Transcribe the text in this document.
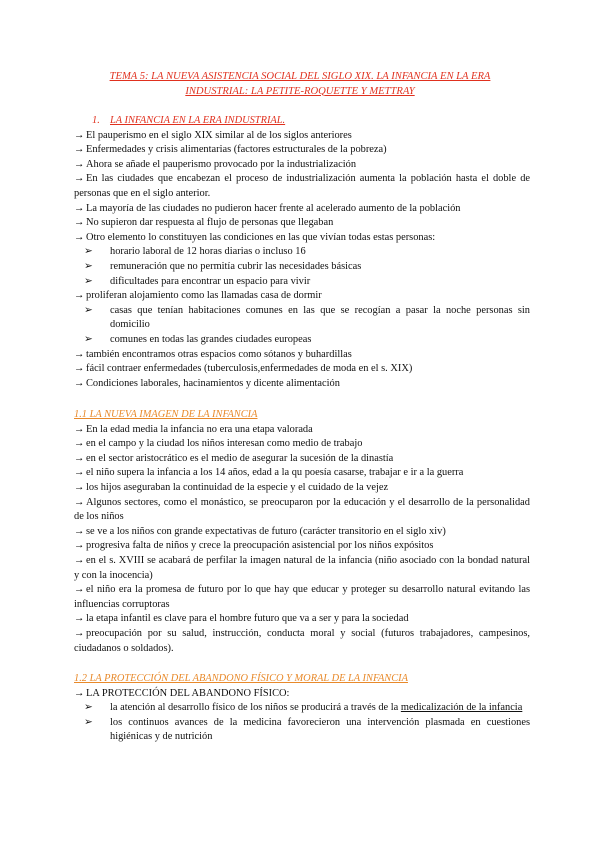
TEMA 5: LA NUEVA ASISTENCIA SOCIAL DEL SIGLO XIX. LA INFANCIA EN LA ERA
INDUSTRIAL: LA PETITE-ROQUETTE Y METTRAY
1. LA INFANCIA EN LA ERA INDUSTRIAL.
→ El pauperismo en el siglo XIX similar al de los siglos anteriores
→ Enfermedades y crisis alimentarias (factores estructurales de la pobreza)
→ Ahora se añade el pauperismo provocado por la industrialización
→ En las ciudades que encabezan el proceso de industrialización aumenta la población hasta el doble de personas que en el siglo anterior.
→ La mayoría de las ciudades no pudieron hacer frente al acelerado aumento de la población
→ No supieron dar respuesta al flujo de personas que llegaban
→ Otro elemento lo constituyen las condiciones en las que vivían todas estas personas:
➢ horario laboral de 12 horas diarias o incluso 16
➢ remuneración que no permitía cubrir las necesidades básicas
➢ dificultades para encontrar un espacio para vivir
→ proliferan alojamiento como las llamadas casa de dormir
➢ casas que tenían habitaciones comunes en las que se recogían a pasar la noche personas sin domicilio
➢ comunes en todas las grandes ciudades europeas
→ también encontramos otras espacios como sótanos y buhardillas
→ fácil contraer enfermedades (tuberculosis,enfermedades de moda en el s. XIX)
→ Condiciones laborales, hacinamientos y dicente alimentación
1.1 LA NUEVA IMAGEN DE LA INFANCIA
→ En la edad media la infancia no era una etapa valorada
→ en el campo y la ciudad los niños interesan como medio de trabajo
→ en el sector aristocrático es el medio de asegurar la sucesión de la dinastía
→ el niño supera la infancia a los 14 años, edad a la qu poesía casarse, trabajar e ir a la guerra
→ los hijos aseguraban la continuidad de la especie y el cuidado de la vejez
→ Algunos sectores, como el monástico, se preocuparon por la educación y el desarrollo de la personalidad de los niños
→ se ve a los niños con grande expectativas de futuro (carácter transitorio en el siglo xiv)
→ progresiva falta de niños y crece la preocupación asistencial por los niños expósitos
→ en el s. XVIII se acabará de perfilar la imagen natural de la infancia (niño asociado con la bondad natural y con la inocencia)
→ el niño era la promesa de futuro por lo que hay que educar y proteger su desarrollo natural evitando las influencias corruptoras
→ la etapa infantil es clave para el hombre futuro que va a ser y para la sociedad
→ preocupación por su salud, instrucción, conducta moral y social (futuros trabajadores, campesinos, ciudadanos o soldados).
1.2 LA PROTECCIÓN DEL ABANDONO FÍSICO Y MORAL DE LA INFANCIA
→ LA PROTECCIÓN DEL ABANDONO FÍSICO:
➢ la atención al desarrollo físico de los niños se producirá a través de la medicalización de la infancia
➢ los continuos avances de la medicina favorecieron una intervención plasmada en cuestiones higiénicas y de nutrición
